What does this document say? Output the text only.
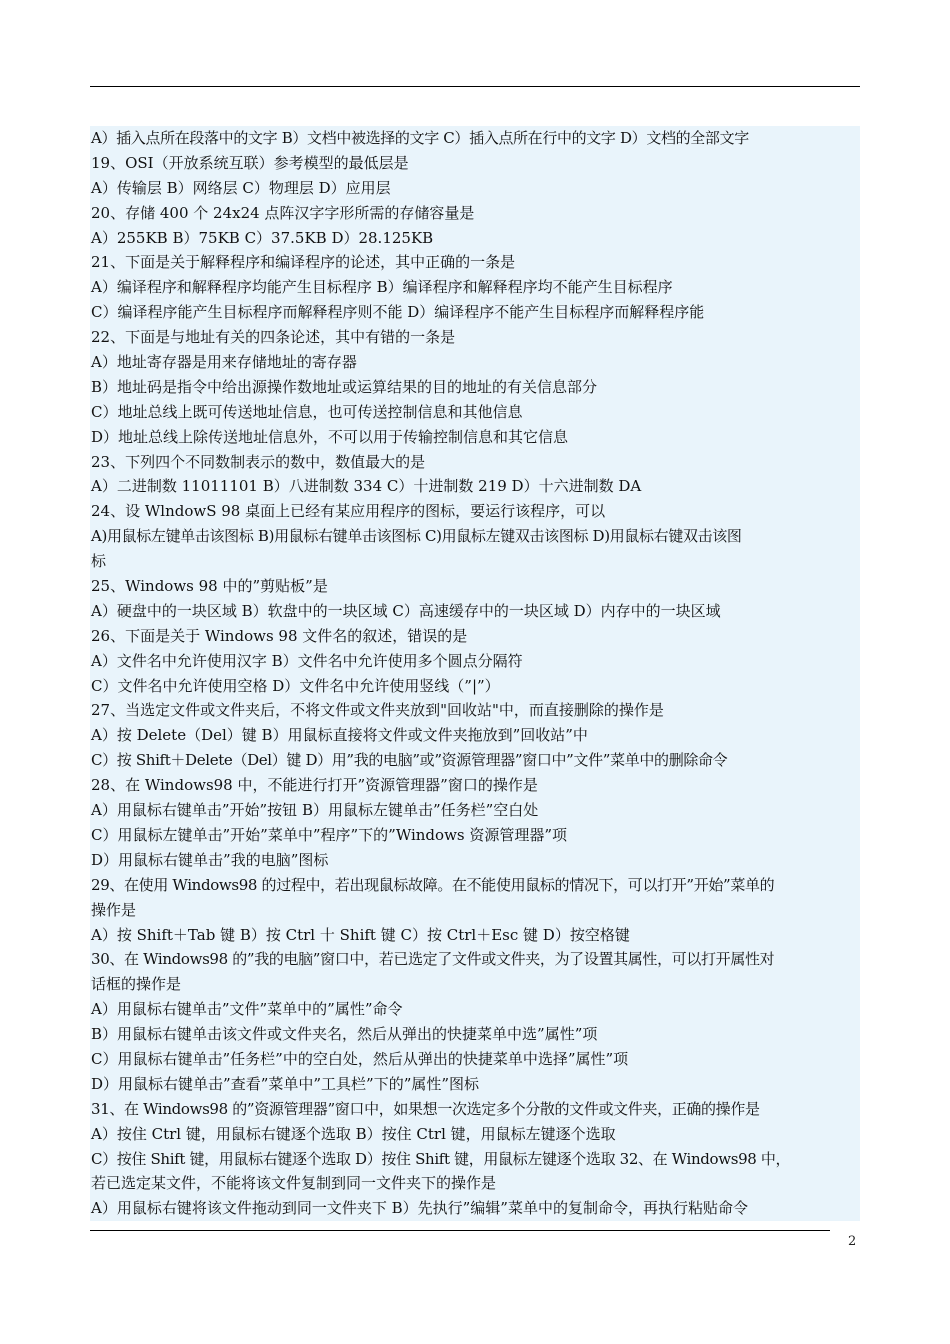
A）插入点所在段落中的文字 B）文档中被选择的文字 C）插入点所在行中的文字 D）文档的全部文字
19、OSI（开放系统互联）参考模型的最低层是
A）传输层 B）网络层 C）物理层 D）应用层
20、存储 400 个 24x24 点阵汉字字形所需的存储容量是
A）255KB B）75KB C）37.5KB D）28.125KB
21、下面是关于解释程序和编译程序的论述，其中正确的一条是
A）编译程序和解释程序均能产生目标程序 B）编译程序和解释程序均不能产生目标程序
C）编译程序能产生目标程序而解释程序则不能 D）编译程序不能产生目标程序而解释程序能
22、下面是与地址有关的四条论述，其中有错的一条是
A）地址寄存器是用来存储地址的寄存器
B）地址码是指令中给出源操作数地址或运算结果的目的地址的有关信息部分
C）地址总线上既可传送地址信息，也可传送控制信息和其他信息
D）地址总线上除传送地址信息外，不可以用于传输控制信息和其它信息
23、下列四个不同数制表示的数中，数值最大的是
A）二进制数 11011101 B）八进制数 334 C）十进制数 219 D）十六进制数 DA
24、设 WlndowS 98 桌面上已经有某应用程序的图标，要运行该程序，可以
A)用鼠标左键单击该图标 B)用鼠标右键单击该图标 C)用鼠标左键双击该图标 D)用鼠标右键双击该图
标
25、Windows 98 中的”剪贴板”是
A）硬盘中的一块区域 B）软盘中的一块区域 C）高速缓存中的一块区域 D）内存中的一块区域
26、下面是关于 Windows 98 文件名的叙述，错误的是
A）文件名中允许使用汉字 B）文件名中允许使用多个圆点分隔符
C）文件名中允许使用空格 D）文件名中允许使用竖线（”|”）
27、当选定文件或文件夹后，不将文件或文件夹放到"回收站"中，而直接删除的操作是
A）按 Delete（Del）键 B）用鼠标直接将文件或文件夹拖放到”回收站”中
C）按 Shift＋Delete（Del）键 D）用”我的电脑”或”资源管理器”窗口中”文件”菜单中的删除命令
28、在 Windows98 中，不能进行打开”资源管理器”窗口的操作是
A）用鼠标右键单击”开始”按钮 B）用鼠标左键单击”任务栏”空白处
C）用鼠标左键单击”开始”菜单中”程序”下的”Windows 资源管理器”项
D）用鼠标右键单击”我的电脑”图标
29、在使用 Windows98 的过程中，若出现鼠标故障。在不能使用鼠标的情况下，可以打开”开始”菜单的
操作是
A）按 Shift＋Tab 键 B）按 Ctrl 十 Shift 键 C）按 Ctrl＋Esc 键 D）按空格键
30、在 Windows98 的”我的电脑”窗口中，若已选定了文件或文件夹，为了设置其属性，可以打开属性对
话框的操作是
A）用鼠标右键单击”文件”菜单中的”属性”命令
B）用鼠标右键单击该文件或文件夹名，然后从弹出的快捷菜单中选”属性”项
C）用鼠标右键单击”任务栏”中的空白处，然后从弹出的快捷菜单中选择”属性”项
D）用鼠标右键单击”查看”菜单中”工具栏”下的”属性”图标
31、在 Windows98 的”资源管理器”窗口中，如果想一次选定多个分散的文件或文件夹，正确的操作是
A）按住 Ctrl 键，用鼠标右键逐个选取 B）按住 Ctrl 键，用鼠标左键逐个选取
C）按住 Shift 键，用鼠标右键逐个选取 D）按住 Shift 键，用鼠标左键逐个选取 32、在 Windows98 中，
若已选定某文件，不能将该文件复制到同一文件夹下的操作是
A）用鼠标右键将该文件拖动到同一文件夹下 B）先执行”编辑”菜单中的复制命令，再执行粘贴命令
2
